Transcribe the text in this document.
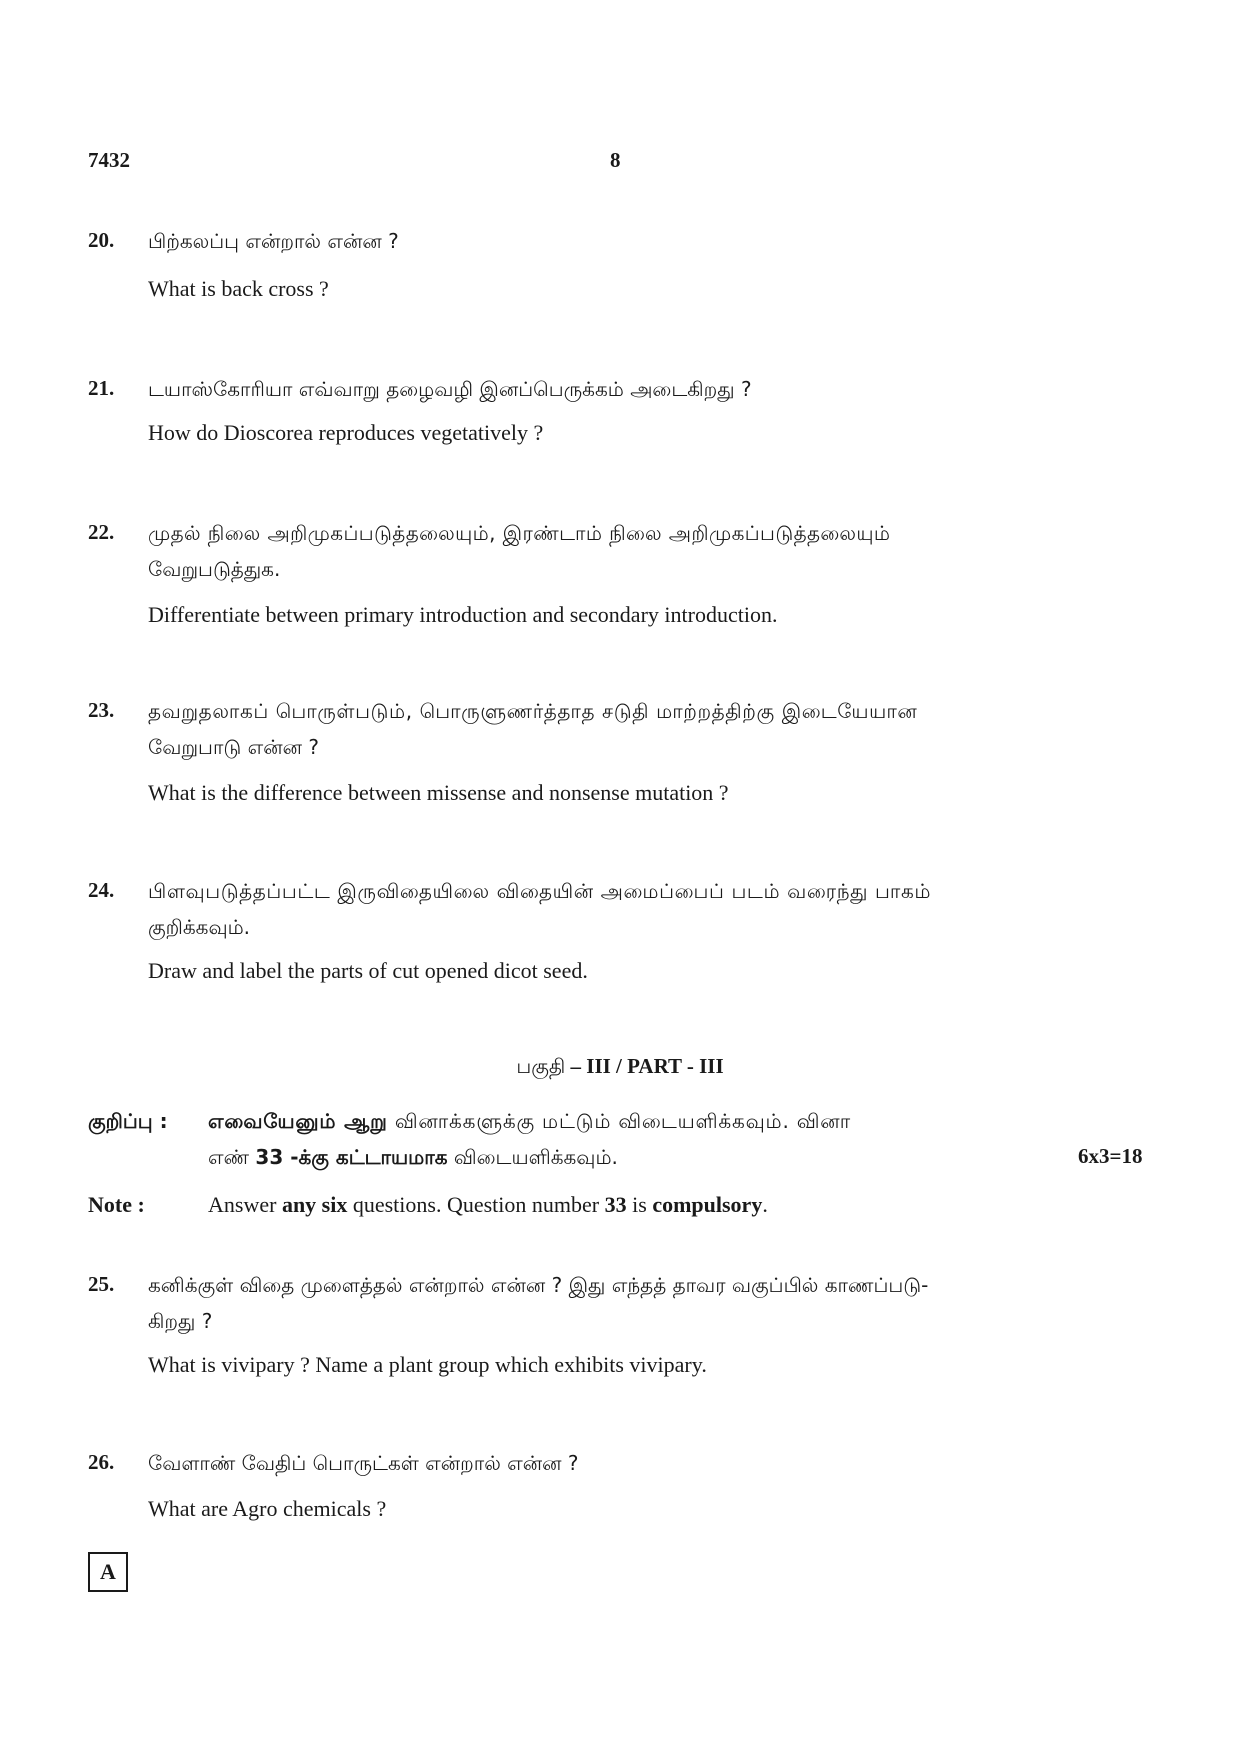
7432	8
20. பிற்கலப்பு என்றால் என்ன ?
What is back cross ?
21. டயாஸ்கோரியா எவ்வாறு தழைவழி இனப்பெருக்கம் அடைகிறது ?
How do Dioscorea reproduces vegetatively ?
22. முதல் நிலை அறிமுகப்படுத்தலையும், இரண்டாம் நிலை அறிமுகப்படுத்தலையும்
வேறுபடுத்துக.
Differentiate between primary introduction and secondary introduction.
23. தவறுதலாகப் பொருள்படும், பொருளுணர்த்தாத சடுதி மாற்றத்திற்கு இடையேயான
வேறுபாடு என்ன ?
What is the difference between missense and nonsense mutation ?
24. பிளவுபடுத்தப்பட்ட இருவிதையிலை விதையின் அமைப்பைப் படம் வரைந்து பாகம்
குறிக்கவும்.
Draw and label the parts of cut opened dicot seed.
பகுதி – III / PART - III
குறிப்பு : எவையேனும் ஆறு வினாக்களுக்கு மட்டும் விடையளிக்கவும். வினா
எண் 33 -க்கு கட்டாயமாக விடையளிக்கவும்.	6x3=18
Note :	Answer any six questions. Question number 33 is compulsory.
25. கனிக்குள் விதை முளைத்தல் என்றால் என்ன ? இது எந்தத் தாவர வகுப்பில் காணப்படு-
கிறது ?
What is vivipary ? Name a plant group which exhibits vivipary.
26. வேளாண் வேதிப் பொருட்கள் என்றால் என்ன ?
What are Agro chemicals ?
A
